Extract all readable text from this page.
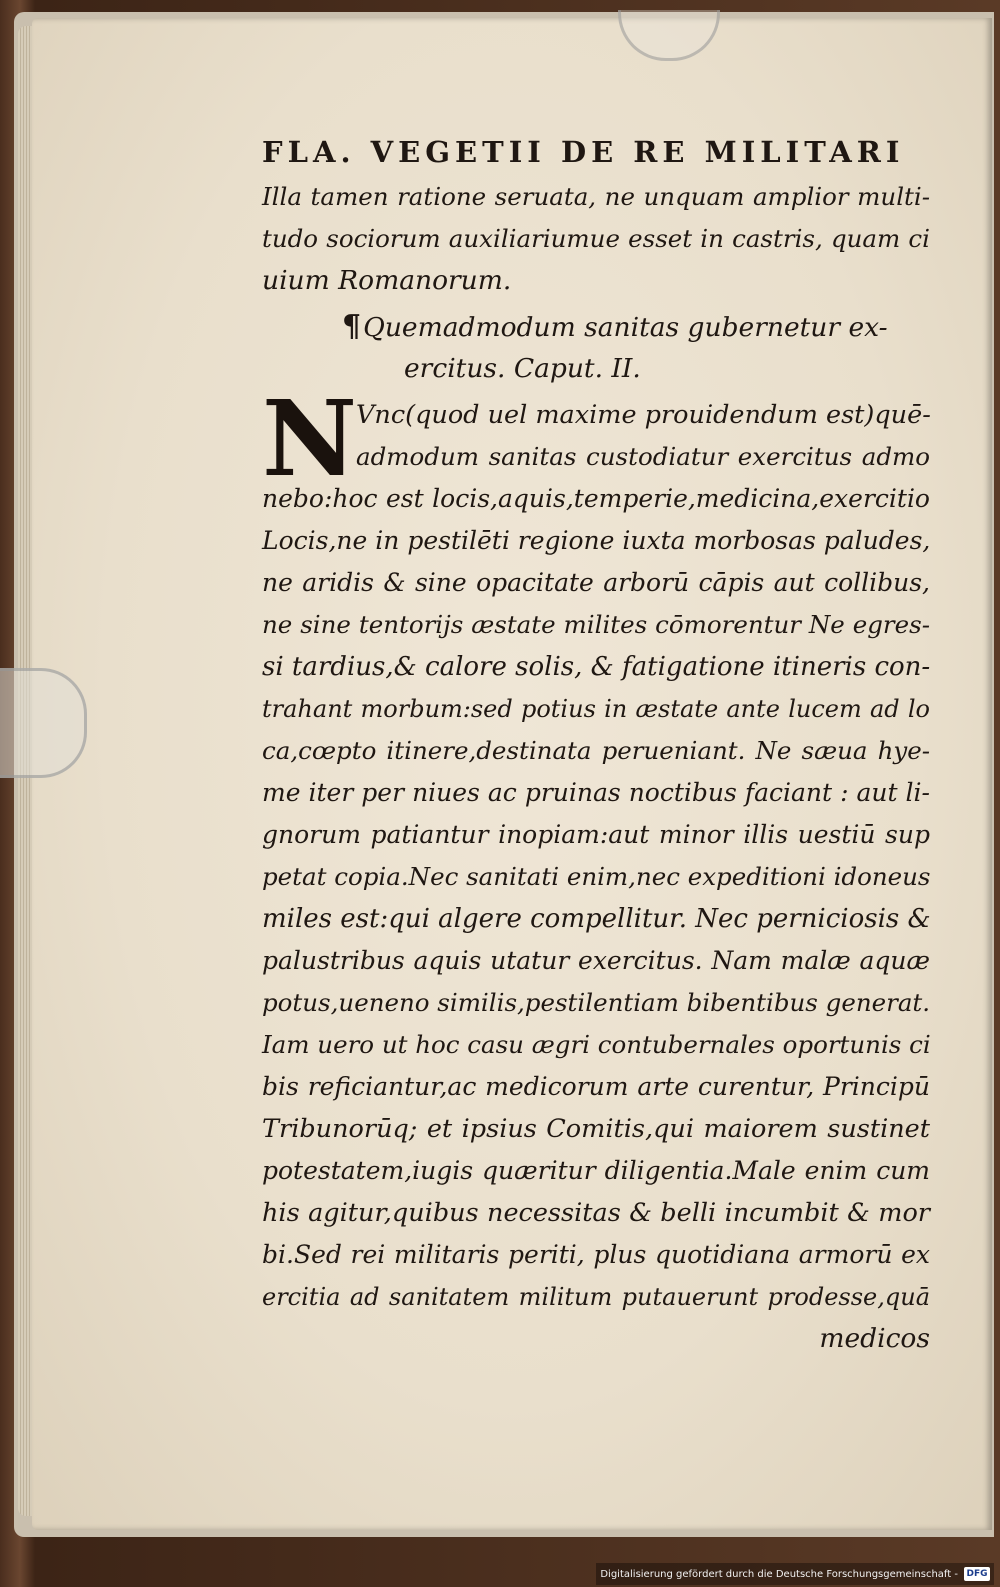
FLA. VEGETII DE RE MILITARI

Illa tamen ratione seruata, ne unquam amplior multi-

tudo sociorum auxiliariumue esset in castris, quam ci

uium Romanorum.

¶Quemadmodum sanitas gubernetur ex-

ercitus. Caput. II.

N

Vnc(quod uel maxime prouidendum est)quē-

admodum sanitas custodiatur exercitus admo

nebo:hoc est locis,aquis,temperie,medicina,exercitio

Locis,ne in pestilēti regione iuxta morbosas paludes,

ne aridis & sine opacitate arborū cāpis aut collibus,

ne sine tentorijs æstate milites cōmorentur Ne egres-

si tardius,& calore solis, & fatigatione itineris con-

trahant morbum:sed potius in æstate ante lucem ad lo

ca,cœpto itinere,destinata perueniant. Ne sæua hye-

me iter per niues ac pruinas noctibus faciant : aut li-

gnorum patiantur inopiam:aut minor illis uestiū sup

petat copia.Nec sanitati enim,nec expeditioni idoneus

miles est:qui algere compellitur. Nec perniciosis &

palustribus aquis utatur exercitus. Nam malæ aquæ

potus,ueneno similis,pestilentiam bibentibus generat.

Iam uero ut hoc casu ægri contubernales oportunis ci

bis reficiantur,ac medicorum arte curentur, Principū

Tribunorūq; et ipsius Comitis,qui maiorem sustinet

potestatem,iugis quæritur diligentia.Male enim cum

his agitur,quibus necessitas & belli incumbit & mor

bi.Sed rei militaris periti, plus quotidiana armorū ex

ercitia ad sanitatem militum putauerunt prodesse,quā

medicos

Digitalisierung gefördert durch die Deutsche Forschungsgemeinschaft - DFG
